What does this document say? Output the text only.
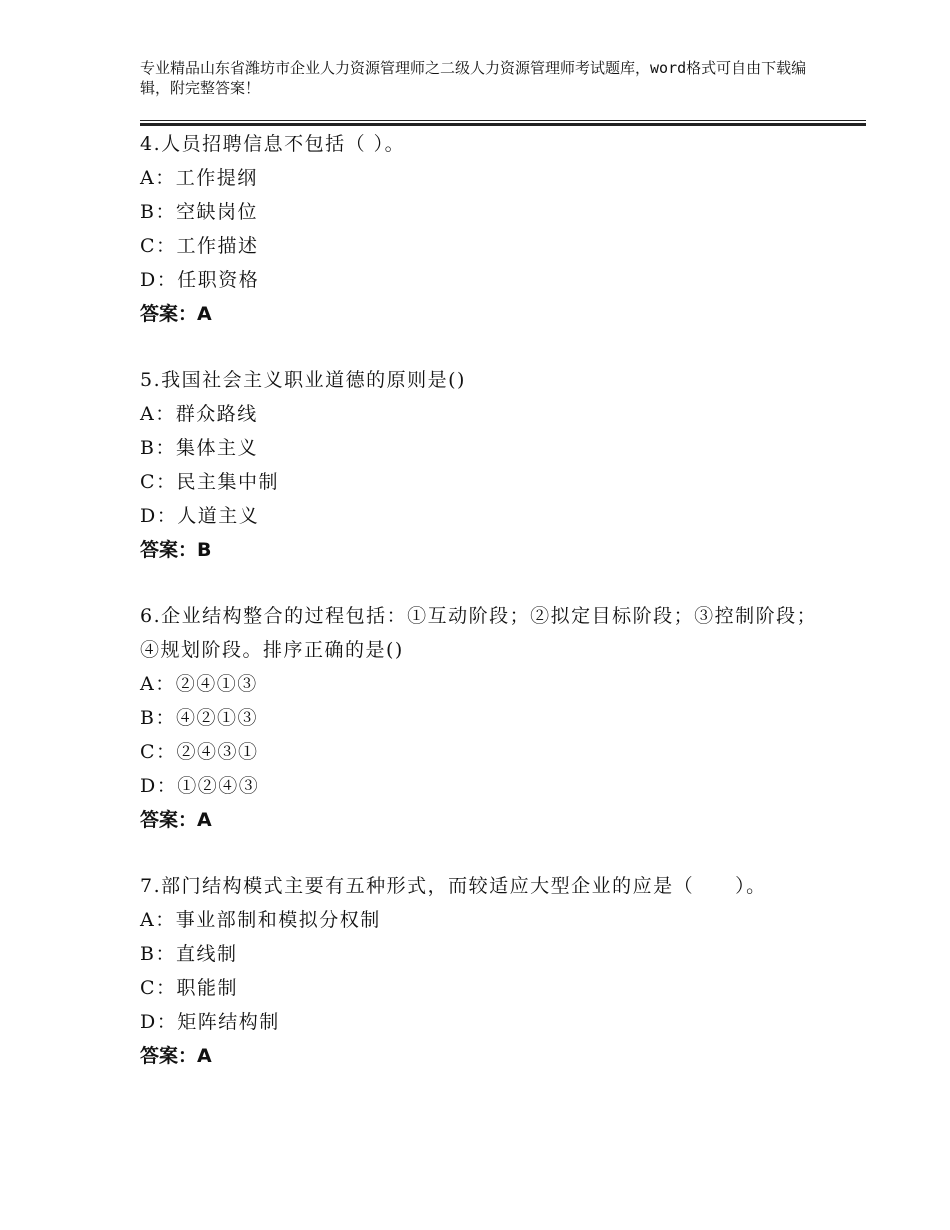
专业精品山东省潍坊市企业人力资源管理师之二级人力资源管理师考试题库，word格式可自由下载编辑，附完整答案！
4.人员招聘信息不包括（ ）。
A：工作提纲
B：空缺岗位
C：工作描述
D：任职资格
答案：A
5.我国社会主义职业道德的原则是()
A：群众路线
B：集体主义
C：民主集中制
D：人道主义
答案：B
6.企业结构整合的过程包括：①互动阶段；②拟定目标阶段；③控制阶段；④规划阶段。排序正确的是()
A：②④①③
B：④②①③
C：②④③①
D：①②④③
答案：A
7.部门结构模式主要有五种形式，而较适应大型企业的应是（　　）。
A：事业部制和模拟分权制
B：直线制
C：职能制
D：矩阵结构制
答案：A
